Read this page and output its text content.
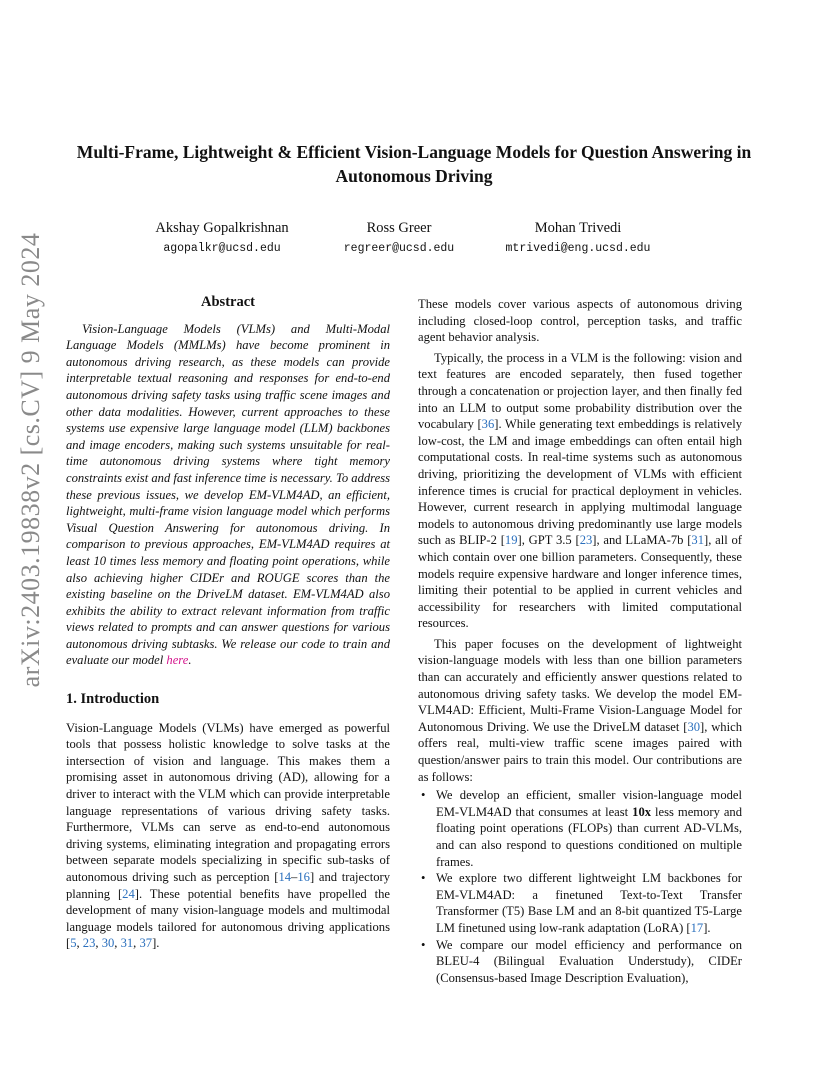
arXiv:2403.19838v2 [cs.CV] 9 May 2024
Multi-Frame, Lightweight & Efficient Vision-Language Models for Question Answering in Autonomous Driving
Akshay Gopalkrishnan
agopalkr@ucsd.edu
Ross Greer
regreer@ucsd.edu
Mohan Trivedi
mtrivedi@eng.ucsd.edu
Abstract

Vision-Language Models (VLMs) and Multi-Modal Language Models (MMLMs) have become prominent in autonomous driving research, as these models can provide interpretable textual reasoning and responses for end-to-end autonomous driving safety tasks using traffic scene images and other data modalities. However, current approaches to these systems use expensive large language model (LLM) backbones and image encoders, making such systems unsuitable for real-time autonomous driving systems where tight memory constraints exist and fast inference time is necessary. To address these previous issues, we develop EM-VLM4AD, an efficient, lightweight, multi-frame vision language model which performs Visual Question Answering for autonomous driving. In comparison to previous approaches, EM-VLM4AD requires at least 10 times less memory and floating point operations, while also achieving higher CIDEr and ROUGE scores than the existing baseline on the DriveLM dataset. EM-VLM4AD also exhibits the ability to extract relevant information from traffic views related to prompts and can answer questions for various autonomous driving subtasks. We release our code to train and evaluate our model here.

1. Introduction

Vision-Language Models (VLMs) have emerged as powerful tools that possess holistic knowledge to solve tasks at the intersection of vision and language. This makes them a promising asset in autonomous driving (AD), allowing for a driver to interact with the VLM which can provide interpretable language representations of various driving safety tasks. Furthermore, VLMs can serve as end-to-end autonomous driving systems, eliminating integration and propagating errors between separate models specializing in specific sub-tasks of autonomous driving such as perception [14–16] and trajectory planning [24]. These potential benefits have propelled the development of many vision-language models and multimodal language models tailored for autonomous driving applications [5, 23, 30, 31, 37].

These models cover various aspects of autonomous driving including closed-loop control, perception tasks, and traffic agent behavior analysis.

Typically, the process in a VLM is the following: vision and text features are encoded separately, then fused together through a concatenation or projection layer, and then finally fed into an LLM to output some probability distribution over the vocabulary [36]. While generating text embeddings is relatively low-cost, the LM and image embeddings can often entail high computational costs. In real-time systems such as autonomous driving, prioritizing the development of VLMs with efficient inference times is crucial for practical deployment in vehicles. However, current research in applying multimodal language models to autonomous driving predominantly use large models such as BLIP-2 [19], GPT 3.5 [23], and LLaMA-7b [31], all of which contain over one billion parameters. Consequently, these models require expensive hardware and longer inference times, limiting their potential to be applied in current vehicles and accessibility for researchers with limited computational resources.

This paper focuses on the development of lightweight vision-language models with less than one billion parameters than can accurately and efficiently answer questions related to autonomous driving safety tasks. We develop the model EM-VLM4AD: Efficient, Multi-Frame Vision-Language Model for Autonomous Driving. We use the DriveLM dataset [30], which offers real, multi-view traffic scene images paired with question/answer pairs to train this model. Our contributions are as follows:

• We develop an efficient, smaller vision-language model EM-VLM4AD that consumes at least 10x less memory and floating point operations (FLOPs) than current AD-VLMs, and can also respond to questions conditioned on multiple frames.
• We explore two different lightweight LM backbones for EM-VLM4AD: a finetuned Text-to-Text Transfer Transformer (T5) Base LM and an 8-bit quantized T5-Large LM finetuned using low-rank adaptation (LoRA) [17].
• We compare our model efficiency and performance on BLEU-4 (Bilingual Evaluation Understudy), CIDEr (Consensus-based Image Description Evaluation),
